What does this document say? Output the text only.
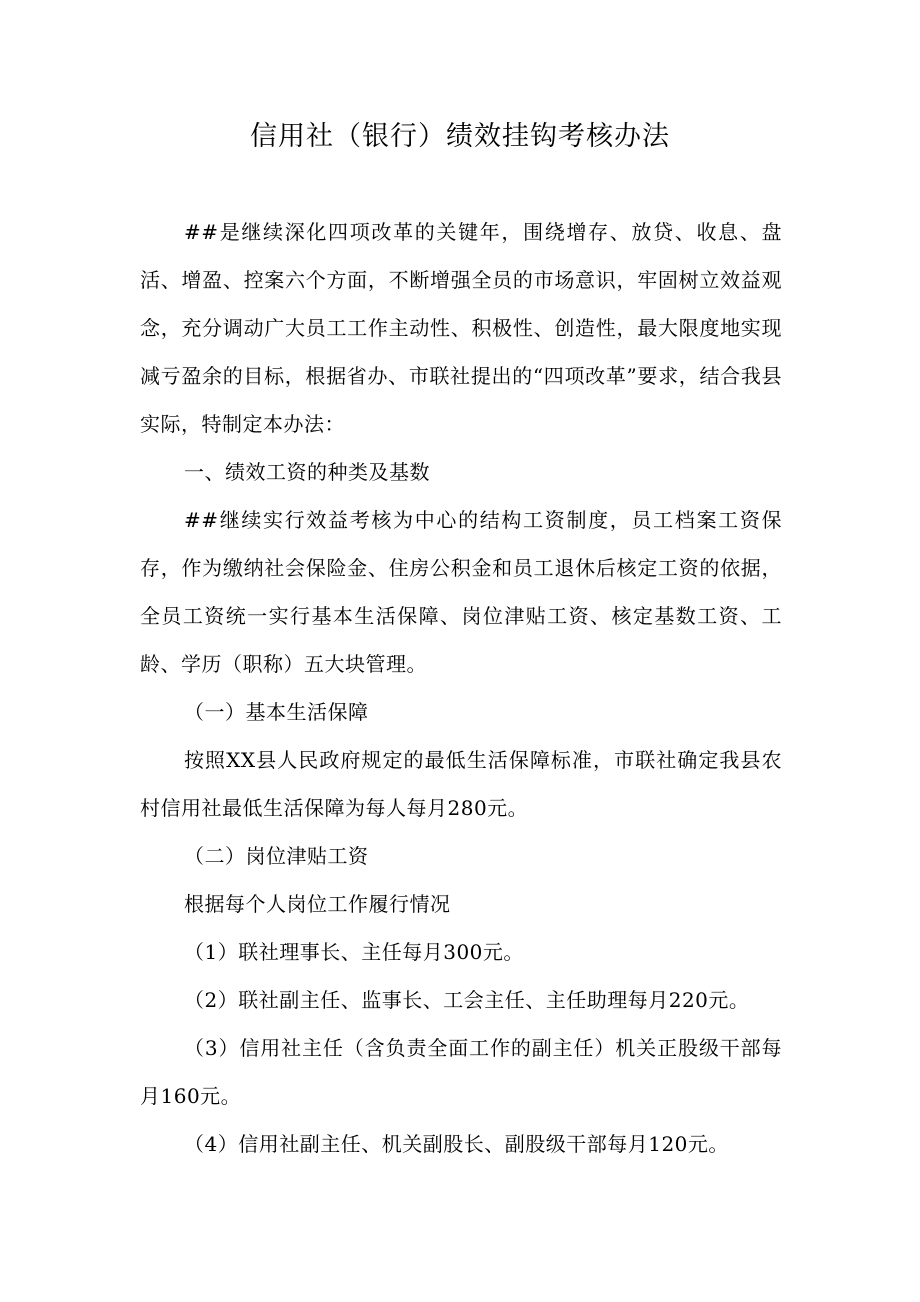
信用社（银行）绩效挂钩考核办法

##是继续深化四项改革的关键年，围绕增存、放贷、收息、盘活、增盈、控案六个方面，不断增强全员的市场意识，牢固树立效益观念，充分调动广大员工工作主动性、积极性、创造性，最大限度地实现减亏盈余的目标，根据省办、市联社提出的“四项改革”要求，结合我县实际，特制定本办法：

一、绩效工资的种类及基数

##继续实行效益考核为中心的结构工资制度，员工档案工资保存，作为缴纳社会保险金、住房公积金和员工退休后核定工资的依据，全员工资统一实行基本生活保障、岗位津贴工资、核定基数工资、工龄、学历（职称）五大块管理。

（一）基本生活保障

按照XX县人民政府规定的最低生活保障标准，市联社确定我县农村信用社最低生活保障为每人每月280元。

（二）岗位津贴工资

根据每个人岗位工作履行情况

（1）联社理事长、主任每月300元。

（2）联社副主任、监事长、工会主任、主任助理每月220元。

（3）信用社主任（含负责全面工作的副主任）机关正股级干部每月160元。

（4）信用社副主任、机关副股长、副股级干部每月120元。
